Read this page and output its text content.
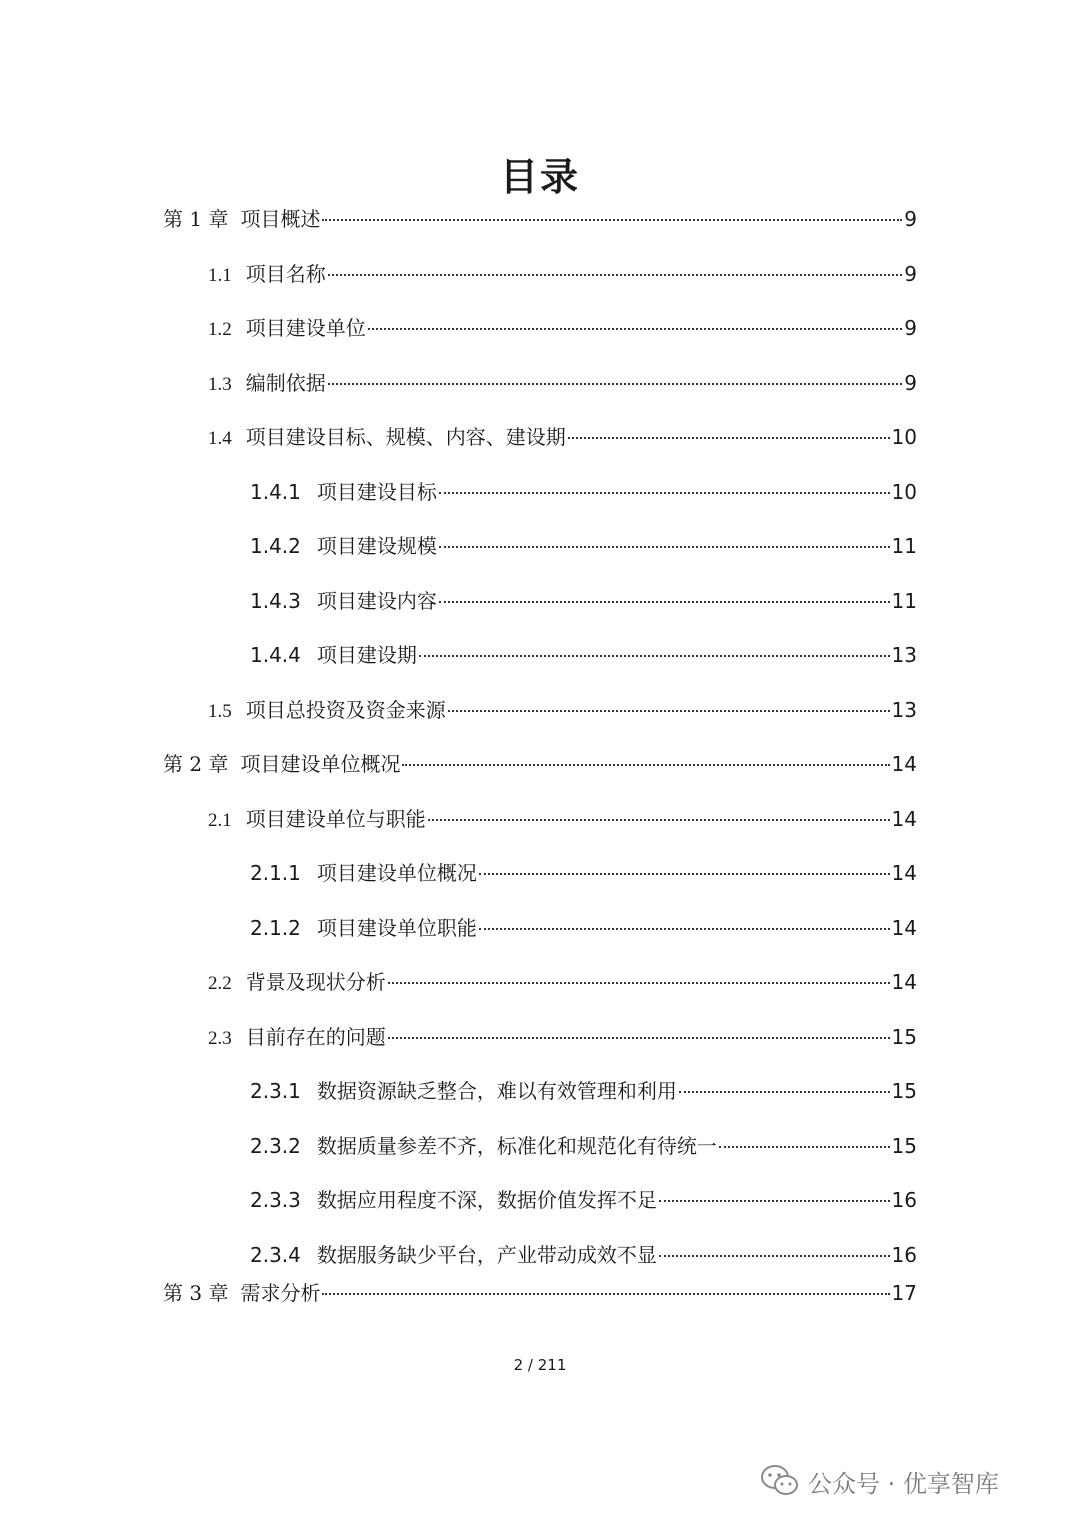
目录
第 1 章 项目概述	9
1.1 项目名称	9
1.2 项目建设单位	9
1.3 编制依据	9
1.4 项目建设目标、规模、内容、建设期	10
1.4.1 项目建设目标	10
1.4.2 项目建设规模	11
1.4.3 项目建设内容	11
1.4.4 项目建设期	13
1.5 项目总投资及资金来源	13
第 2 章 项目建设单位概况	14
2.1 项目建设单位与职能	14
2.1.1 项目建设单位概况	14
2.1.2 项目建设单位职能	14
2.2 背景及现状分析	14
2.3 目前存在的问题	15
2.3.1 数据资源缺乏整合，难以有效管理和利用	15
2.3.2 数据质量参差不齐，标准化和规范化有待统一	15
2.3.3 数据应用程度不深，数据价值发挥不足	16
2.3.4 数据服务缺少平台，产业带动成效不显	16
第 3 章 需求分析	17
2 / 211
公众号 · 优享智库
